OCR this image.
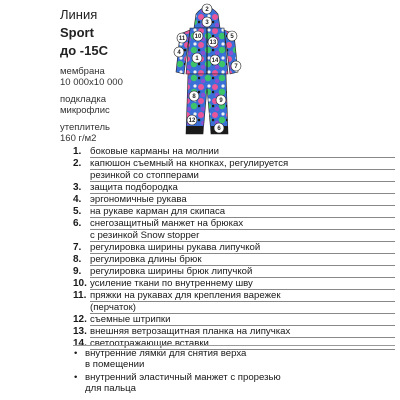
Линия
Sport
до -15С
мембрана
10 000х10 000
подкладка
микрофлис
утеплитель
160 г/м2
2
3
11 10	5
13
4
1 14
7
8
9
12
6
1. боковые карманы на молнии
2. капюшон съемный на кнопках, регулируется
резинкой со стопперами
3. защита подбородка
4. эргономичные рукава
5. на рукаве карман для скипаса
6. снегозащитный манжет на брюках
с резинкой Snow stopper
7. регулировка ширины рукава липучкой
8. регулировка длины брюк
9. регулировка ширины брюк липучкой
10. усиление ткани по внутреннему шву
11. пряжки на рукавах для крепления варежек
(перчаток)
12. съемные штрипки
13. внешняя ветрозащитная планка на липучках
14. светоотражающие вставки
• внутренние лямки для снятия верха
в помещении
• внутренний эластичный манжет с прорезью
для пальца
